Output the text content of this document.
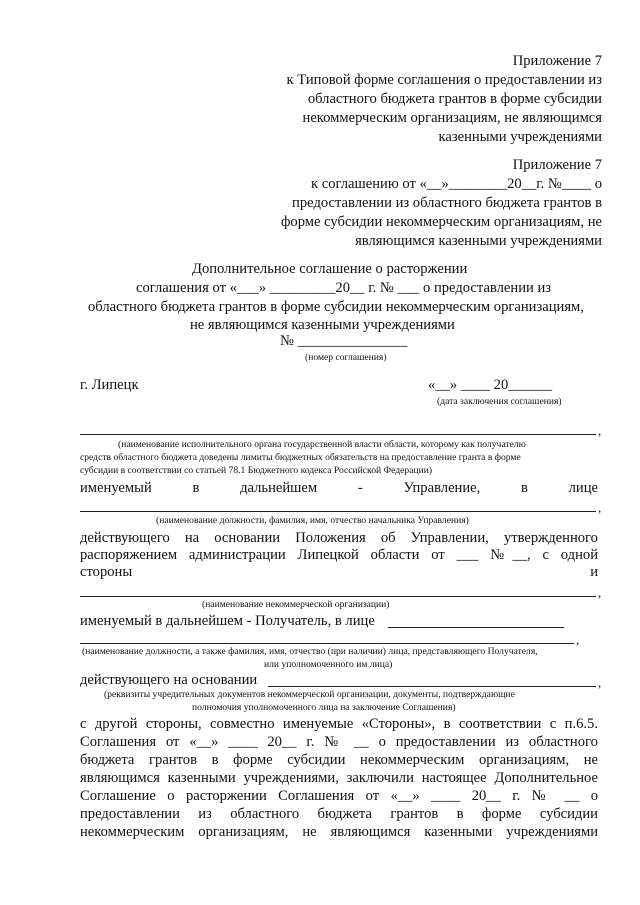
Приложение 7
к Типовой форме соглашения о предоставлении из
областного бюджета грантов в форме субсидии
некоммерческим организациям, не являющимся
казенными учреждениями
Приложение 7
к соглашению от «__»________20__г. №____ о
предоставлении из областного бюджета грантов в
форме субсидии некоммерческим организациям, не
являющимся казенными учреждениями
Дополнительное соглашение о расторжении
соглашения от «___» _________20__ г. № ___ о предоставлении из
областного бюджета грантов в форме субсидии некоммерческим организациям,
не являющимся казенными учреждениями
№ _______________
(номер соглашения)
г. Липецк	«__» ____ 20______
(дата заключения соглашения)
,
(наименование исполнительного органа государственной власти области, которому как получателю
средств областного бюджета доведены лимиты бюджетных обязательств на предоставление гранта в форме
субсидии в соответствии со статьей 78.1 Бюджетного кодекса Российской Федерации)
именуемый	в	дальнейшем	-	Управление,	в	лице
,
(наименование должности, фамилия, имя, отчество начальника Управления)
действующего на основании Положения об Управлении, утвержденного
распоряжением администрации Липецкой области от ___ №__, с одной
стороны	и
,
(наименование некоммерческой организации)
именуемый в дальнейшем - Получатель, в лице
,
(наименование должности, а также фамилия, имя, отчество (при наличии) лица, представляющего Получателя,
или уполномоченного им лица)
действующего на основании	,
(реквизиты учредительных документов некоммерческой организации, документы, подтверждающие
полномочия уполномоченного лица на заключение Соглашения)
с другой стороны, совместно именуемые «Стороны», в соответствии с п.6.5.
Соглашения от «__» ____ 20__ г. № __ о предоставлении из областного
бюджета грантов в форме субсидии некоммерческим организациям, не
являющимся казенными учреждениями, заключили настоящее Дополнительное
Соглашение о расторжении Соглашения от «__» ____ 20__ г. № __ о
предоставлении из областного бюджета грантов в форме субсидии
некоммерческим организациям, не являющимся казенными учреждениями
